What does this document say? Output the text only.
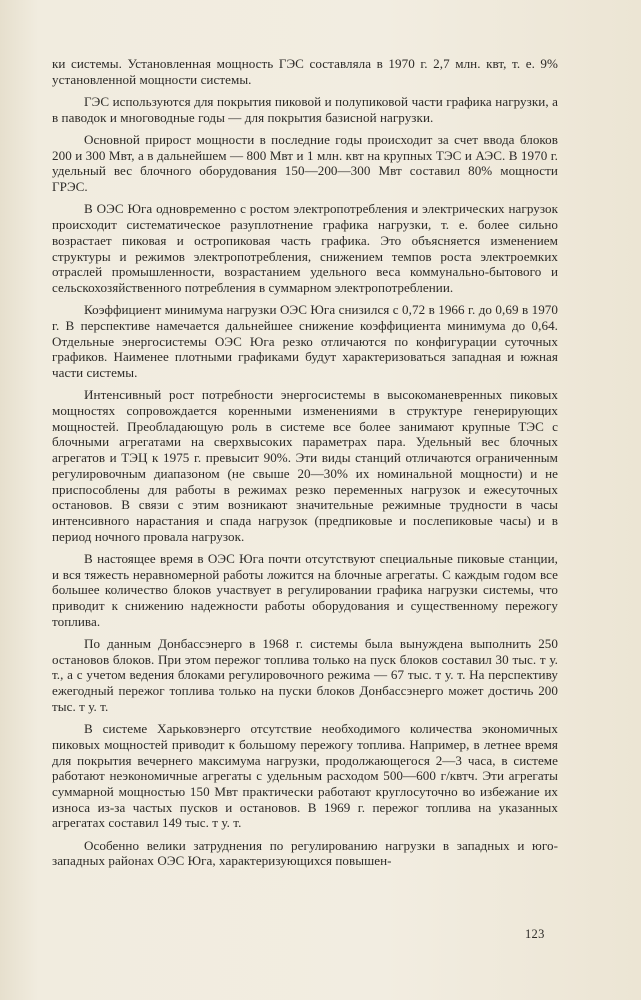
ки системы. Установленная мощность ГЭС составляла в 1970 г. 2,7 млн. квт, т. е. 9% установленной мощности системы.

ГЭС используются для покрытия пиковой и полупиковой части графика нагрузки, а в паводок и многоводные годы — для покрытия базисной нагрузки.

Основной прирост мощности в последние годы происходит за счет ввода блоков 200 и 300 Мвт, а в дальнейшем — 800 Мвт и 1 млн. квт на крупных ТЭС и АЭС. В 1970 г. удельный вес блочного оборудования 150—200—300 Мвт составил 80% мощности ГРЭС.

В ОЭС Юга одновременно с ростом электропотребления и электрических нагрузок происходит систематическое разуплотнение графика нагрузки, т. е. более сильно возрастает пиковая и остропиковая часть графика. Это объясняется изменением структуры и режимов электропотребления, снижением темпов роста электроемких отраслей промышленности, возрастанием удельного веса коммунально-бытового и сельскохозяйственного потребления в суммарном электропотреблении.

Коэффициент минимума нагрузки ОЭС Юга снизился с 0,72 в 1966 г. до 0,69 в 1970 г. В перспективе намечается дальнейшее снижение коэффициента минимума до 0,64. Отдельные энергосистемы ОЭС Юга резко отличаются по конфигурации суточных графиков. Наименее плотными графиками будут характеризоваться западная и южная части системы.

Интенсивный рост потребности энергосистемы в высокоманевренных пиковых мощностях сопровождается коренными изменениями в структуре генерирующих мощностей. Преобладающую роль в системе все более занимают крупные ТЭС с блочными агрегатами на сверхвысоких параметрах пара. Удельный вес блочных агрегатов и ТЭЦ к 1975 г. превысит 90%. Эти виды станций отличаются ограниченным регулировочным диапазоном (не свыше 20—30% их номинальной мощности) и не приспособлены для работы в режимах резко переменных нагрузок и ежесуточных остановов. В связи с этим возникают значительные режимные трудности в часы интенсивного нарастания и спада нагрузок (предпиковые и послепиковые часы) и в период ночного провала нагрузок.

В настоящее время в ОЭС Юга почти отсутствуют специальные пиковые станции, и вся тяжесть неравномерной работы ложится на блочные агрегаты. С каждым годом все большее количество блоков участвует в регулировании графика нагрузки системы, что приводит к снижению надежности работы оборудования и существенному пережогу топлива.

По данным Донбассэнерго в 1968 г. системы была вынуждена выполнить 250 остановов блоков. При этом пережог топлива только на пуск блоков составил 30 тыс. т у. т., а с учетом ведения блоками регулировочного режима — 67 тыс. т у. т. На перспективу ежегодный пережог топлива только на пуски блоков Донбассэнерго может достичь 200 тыс. т у. т.

В системе Харьковэнерго отсутствие необходимого количества экономичных пиковых мощностей приводит к большому пережогу топлива. Например, в летнее время для покрытия вечернего максимума нагрузки, продолжающегося 2—3 часа, в системе работают неэкономичные агрегаты с удельным расходом 500—600 г/квтч. Эти агрегаты суммарной мощностью 150 Мвт практически работают круглосуточно во избежание их износа из-за частых пусков и остановов. В 1969 г. пережог топлива на указанных агрегатах составил 149 тыс. т у. т.

Особенно велики затруднения по регулированию нагрузки в западных и юго-западных районах ОЭС Юга, характеризующихся повышен-

123
